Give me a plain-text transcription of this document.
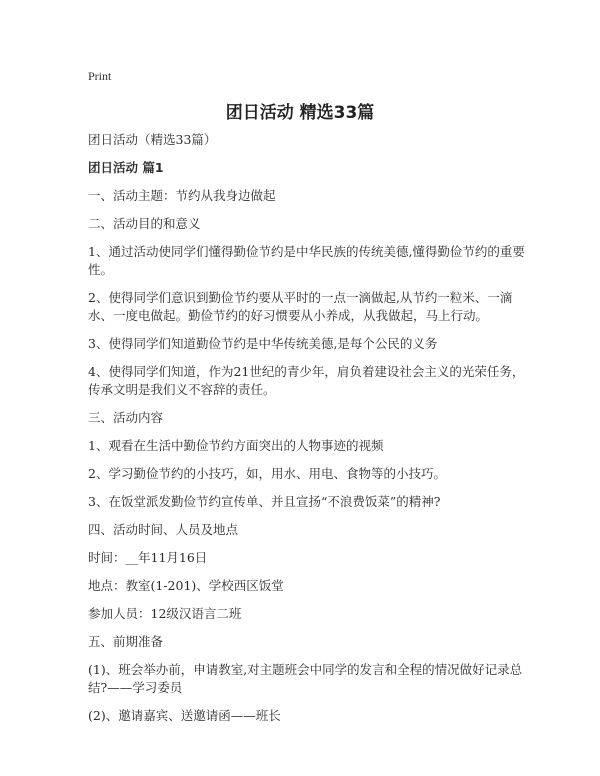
Print
团日活动 精选33篇

团日活动（精选33篇）

团日活动 篇1

一、活动主题：节约从我身边做起

二、活动目的和意义

1、通过活动使同学们懂得勤俭节约是中华民族的传统美德,懂得勤俭节约的重要性。

2、使得同学们意识到勤俭节约要从平时的一点一滴做起,从节约一粒米、一滴水、一度电做起。勤俭节约的好习惯要从小养成，从我做起，马上行动。

3、使得同学们知道勤俭节约是中华传统美德,是每个公民的义务

4、使得同学们知道，作为21世纪的青少年，肩负着建设社会主义的光荣任务，传承文明是我们义不容辞的责任。

三、活动内容

1、观看在生活中勤俭节约方面突出的人物事迹的视频

2、学习勤俭节约的小技巧，如，用水、用电、食物等的小技巧。

3、在饭堂派发勤俭节约宣传单、并且宣扬“不浪费饭菜”的精神?

四、活动时间、人员及地点

时间：__年11月16日

地点：教室(1-201)、学校西区饭堂

参加人员：12级汉语言二班

五、前期准备

(1)、班会举办前，申请教室,对主题班会中同学的发言和全程的情况做好记录总结?——学习委员

(2)、邀请嘉宾、送邀请函——班长
